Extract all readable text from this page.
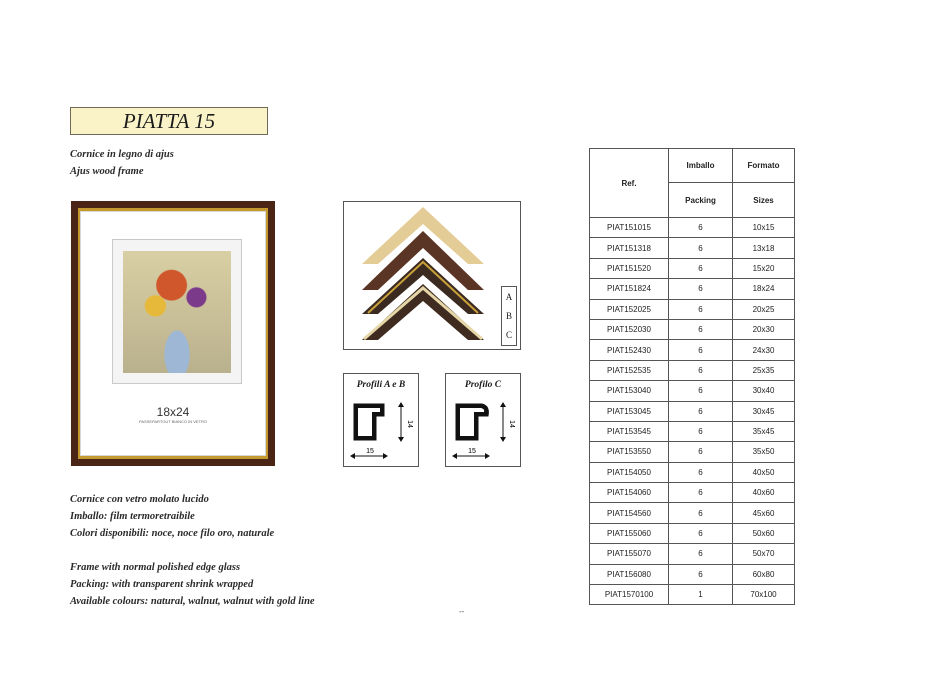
PIATTA 15
Cornice in legno di ajus
Ajus wood frame
18x24
PASSEPARTOUT BIANCO IN VETRO
A
B
C
Profili A e B
15
14
Profilo C
15
14
Cornice con vetro molato lucido
Imballo: film termoretraibile
Colori disponibili: noce, noce filo oro, naturale
Frame with normal polished edge glass
Packing: with transparent shrink wrapped
Available colours: natural, walnut, walnut with gold line
--
Ref.	Imballo	Formato
	Packing	Sizes
PIAT151015	6	10x15
PIAT151318	6	13x18
PIAT151520	6	15x20
PIAT151824	6	18x24
PIAT152025	6	20x25
PIAT152030	6	20x30
PIAT152430	6	24x30
PIAT152535	6	25x35
PIAT153040	6	30x40
PIAT153045	6	30x45
PIAT153545	6	35x45
PIAT153550	6	35x50
PIAT154050	6	40x50
PIAT154060	6	40x60
PIAT154560	6	45x60
PIAT155060	6	50x60
PIAT155070	6	50x70
PIAT156080	6	60x80
PIAT1570100	1	70x100
